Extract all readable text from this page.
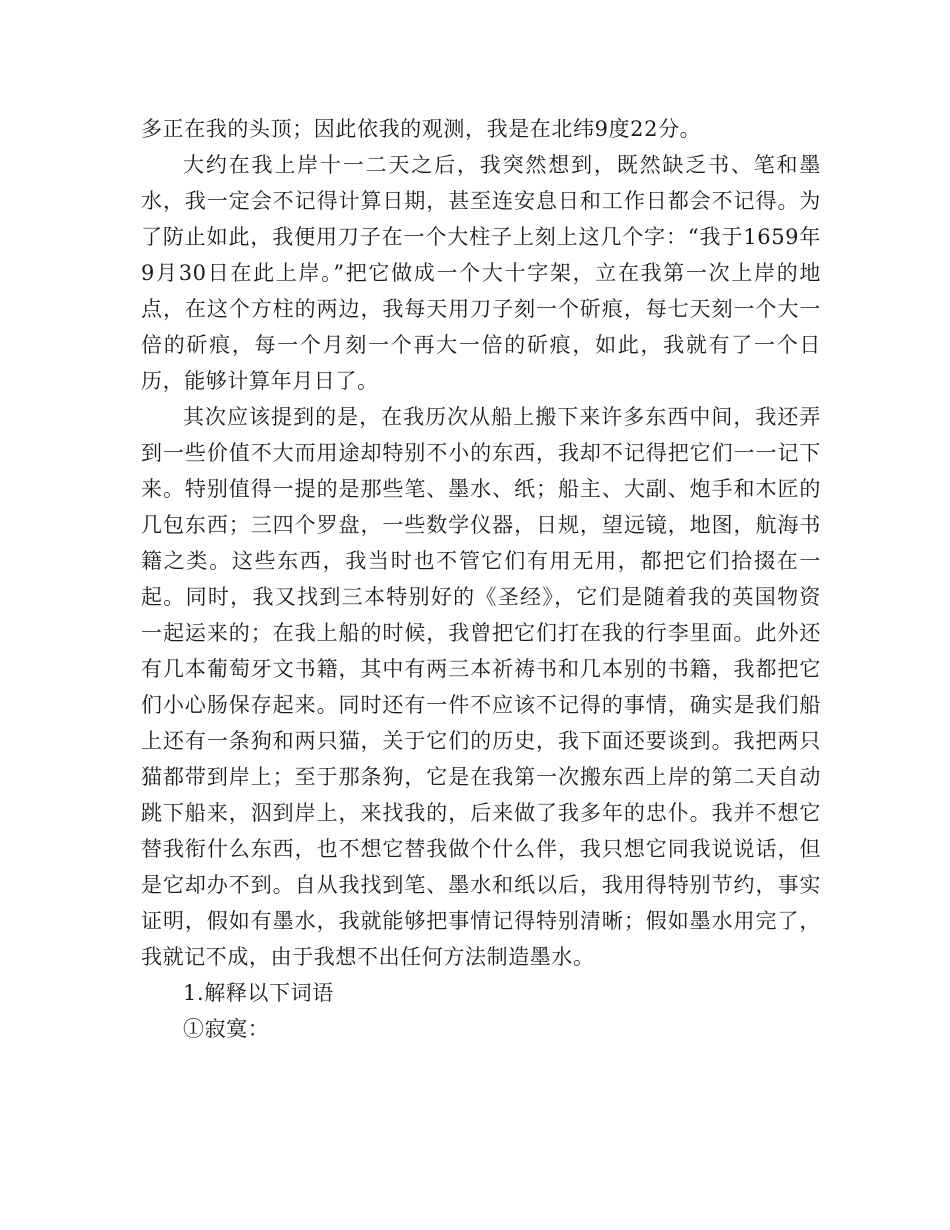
多正在我的头顶；因此依我的观测，我是在北纬9度22分。

大约在我上岸十一二天之后，我突然想到，既然缺乏书、笔和墨水，我一定会不记得计算日期，甚至连安息日和工作日都会不记得。为了防止如此，我便用刀子在一个大柱子上刻上这几个字：“我于1659年9月30日在此上岸。”把它做成一个大十字架，立在我第一次上岸的地点，在这个方柱的两边，我每天用刀子刻一个斫痕，每七天刻一个大一倍的斫痕，每一个月刻一个再大一倍的斫痕，如此，我就有了一个日历，能够计算年月日了。

其次应该提到的是，在我历次从船上搬下来许多东西中间，我还弄到一些价值不大而用途却特别不小的东西，我却不记得把它们一一记下来。特别值得一提的是那些笔、墨水、纸；船主、大副、炮手和木匠的几包东西；三四个罗盘，一些数学仪器，日规，望远镜，地图，航海书籍之类。这些东西，我当时也不管它们有用无用，都把它们拾掇在一起。同时，我又找到三本特别好的《圣经》，它们是随着我的英国物资一起运来的；在我上船的时候，我曾把它们打在我的行李里面。此外还有几本葡萄牙文书籍，其中有两三本祈祷书和几本别的书籍，我都把它们小心肠保存起来。同时还有一件不应该不记得的事情，确实是我们船上还有一条狗和两只猫，关于它们的历史，我下面还要谈到。我把两只猫都带到岸上；至于那条狗，它是在我第一次搬东西上岸的第二天自动跳下船来，泅到岸上，来找我的，后来做了我多年的忠仆。我并不想它替我衔什么东西，也不想它替我做个什么伴，我只想它同我说说话，但是它却办不到。自从我找到笔、墨水和纸以后，我用得特别节约，事实证明，假如有墨水，我就能够把事情记得特别清晰；假如墨水用完了，我就记不成，由于我想不出任何方法制造墨水。

1.解释以下词语

①寂寞：
